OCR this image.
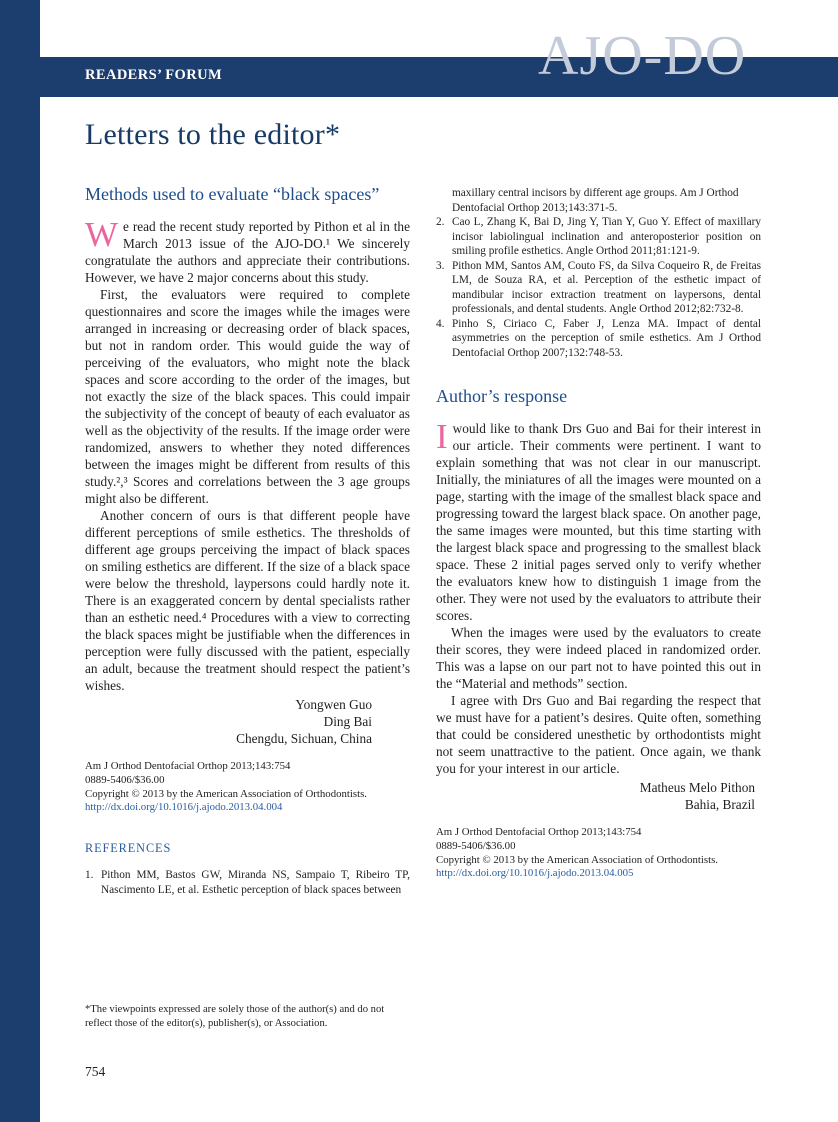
READERS’ FORUM	AJO-DO
Letters to the editor*
Methods used to evaluate “black spaces”

We read the recent study reported by Pithon et al in the March 2013 issue of the AJO-DO.¹ We sincerely congratulate the authors and appreciate their contributions. However, we have 2 major concerns about this study.

First, the evaluators were required to complete questionnaires and score the images while the images were arranged in increasing or decreasing order of black spaces, but not in random order. This would guide the way of perceiving of the evaluators, who might note the black spaces and score according to the order of the images, but not exactly the size of the black spaces. This could impair the subjectivity of the concept of beauty of each evaluator as well as the objectivity of the results. If the image order were randomized, answers to whether they noted differences between the images might be different from results of this study.²,³ Scores and correlations between the 3 age groups might also be different.

Another concern of ours is that different people have different perceptions of smile esthetics. The thresholds of different age groups perceiving the impact of black spaces on smiling esthetics are different. If the size of a black space were below the threshold, laypersons could hardly note it. There is an exaggerated concern by dental specialists rather than an esthetic need.⁴ Procedures with a view to correcting the black spaces might be justifiable when the differences in perception were fully discussed with the patient, especially an adult, because the treatment should respect the patient’s wishes.

Yongwen Guo
Ding Bai
Chengdu, Sichuan, China
Am J Orthod Dentofacial Orthop 2013;143:754
0889-5406/$36.00
Copyright © 2013 by the American Association of Orthodontists.
http://dx.doi.org/10.1016/j.ajodo.2013.04.004
REFERENCES
1. Pithon MM, Bastos GW, Miranda NS, Sampaio T, Ribeiro TP, Nascimento LE, et al. Esthetic perception of black spaces between
maxillary central incisors by different age groups. Am J Orthod Dentofacial Orthop 2013;143:371-5.
2. Cao L, Zhang K, Bai D, Jing Y, Tian Y, Guo Y. Effect of maxillary incisor labiolingual inclination and anteroposterior position on smiling profile esthetics. Angle Orthod 2011;81:121-9.
3. Pithon MM, Santos AM, Couto FS, da Silva Coqueiro R, de Freitas LM, de Souza RA, et al. Perception of the esthetic impact of mandibular incisor extraction treatment on laypersons, dental professionals, and dental students. Angle Orthod 2012;82:732-8.
4. Pinho S, Ciriaco C, Faber J, Lenza MA. Impact of dental asymmetries on the perception of smile esthetics. Am J Orthod Dentofacial Orthop 2007;132:748-53.
Author’s response

Iwould like to thank Drs Guo and Bai for their interest in our article. Their comments were pertinent. I want to explain something that was not clear in our manuscript. Initially, the miniatures of all the images were mounted on a page, starting with the image of the smallest black space and progressing toward the largest black space. On another page, the same images were mounted, but this time starting with the largest black space and progressing to the smallest black space. These 2 initial pages served only to verify whether the evaluators knew how to distinguish 1 image from the other. They were not used by the evaluators to attribute their scores.

When the images were used by the evaluators to create their scores, they were indeed placed in randomized order. This was a lapse on our part not to have pointed this out in the “Material and methods” section.

I agree with Drs Guo and Bai regarding the respect that we must have for a patient’s desires. Quite often, something that could be considered unesthetic by orthodontists might not seem unattractive to the patient. Once again, we thank you for your interest in our article.

Matheus Melo Pithon
Bahia, Brazil
Am J Orthod Dentofacial Orthop 2013;143:754
0889-5406/$36.00
Copyright © 2013 by the American Association of Orthodontists.
http://dx.doi.org/10.1016/j.ajodo.2013.04.005
*The viewpoints expressed are solely those of the author(s) and do not reflect those of the editor(s), publisher(s), or Association.
754
